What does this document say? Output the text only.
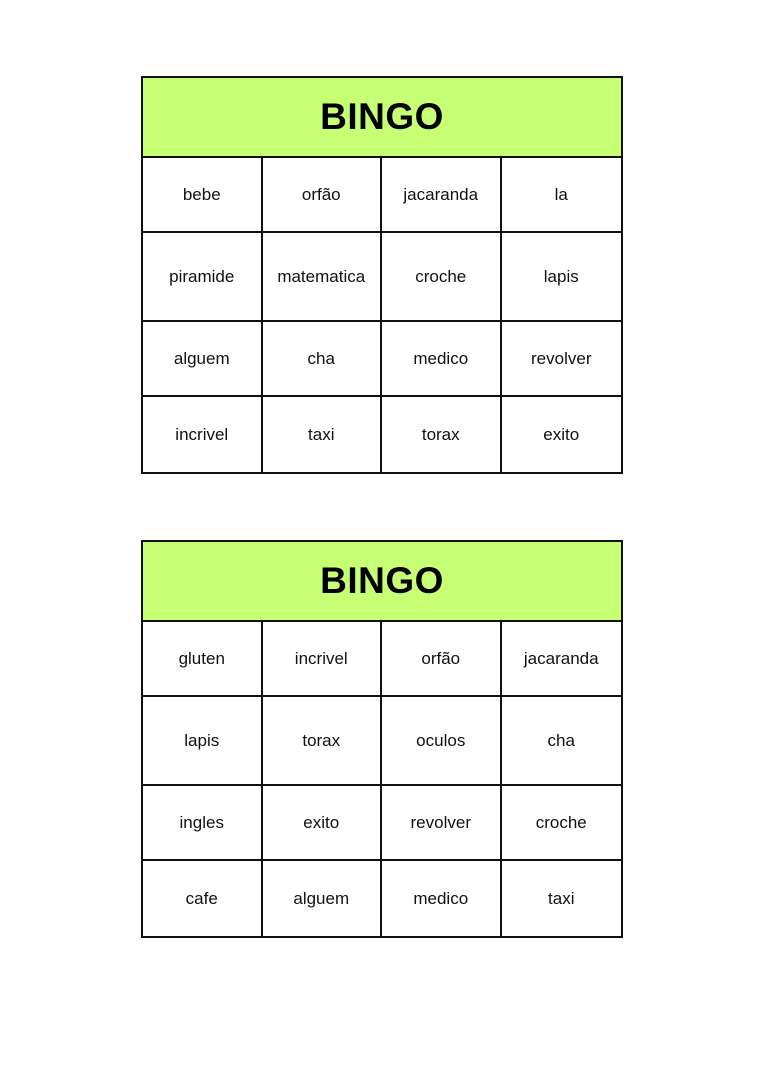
BINGO
bebe	orfão	jacaranda	la
piramide	matematica	croche	lapis
alguem	cha	medico	revolver
incrivel	taxi	torax	exito
BINGO
gluten	incrivel	orfão	jacaranda
lapis	torax	oculos	cha
ingles	exito	revolver	croche
cafe	alguem	medico	taxi
